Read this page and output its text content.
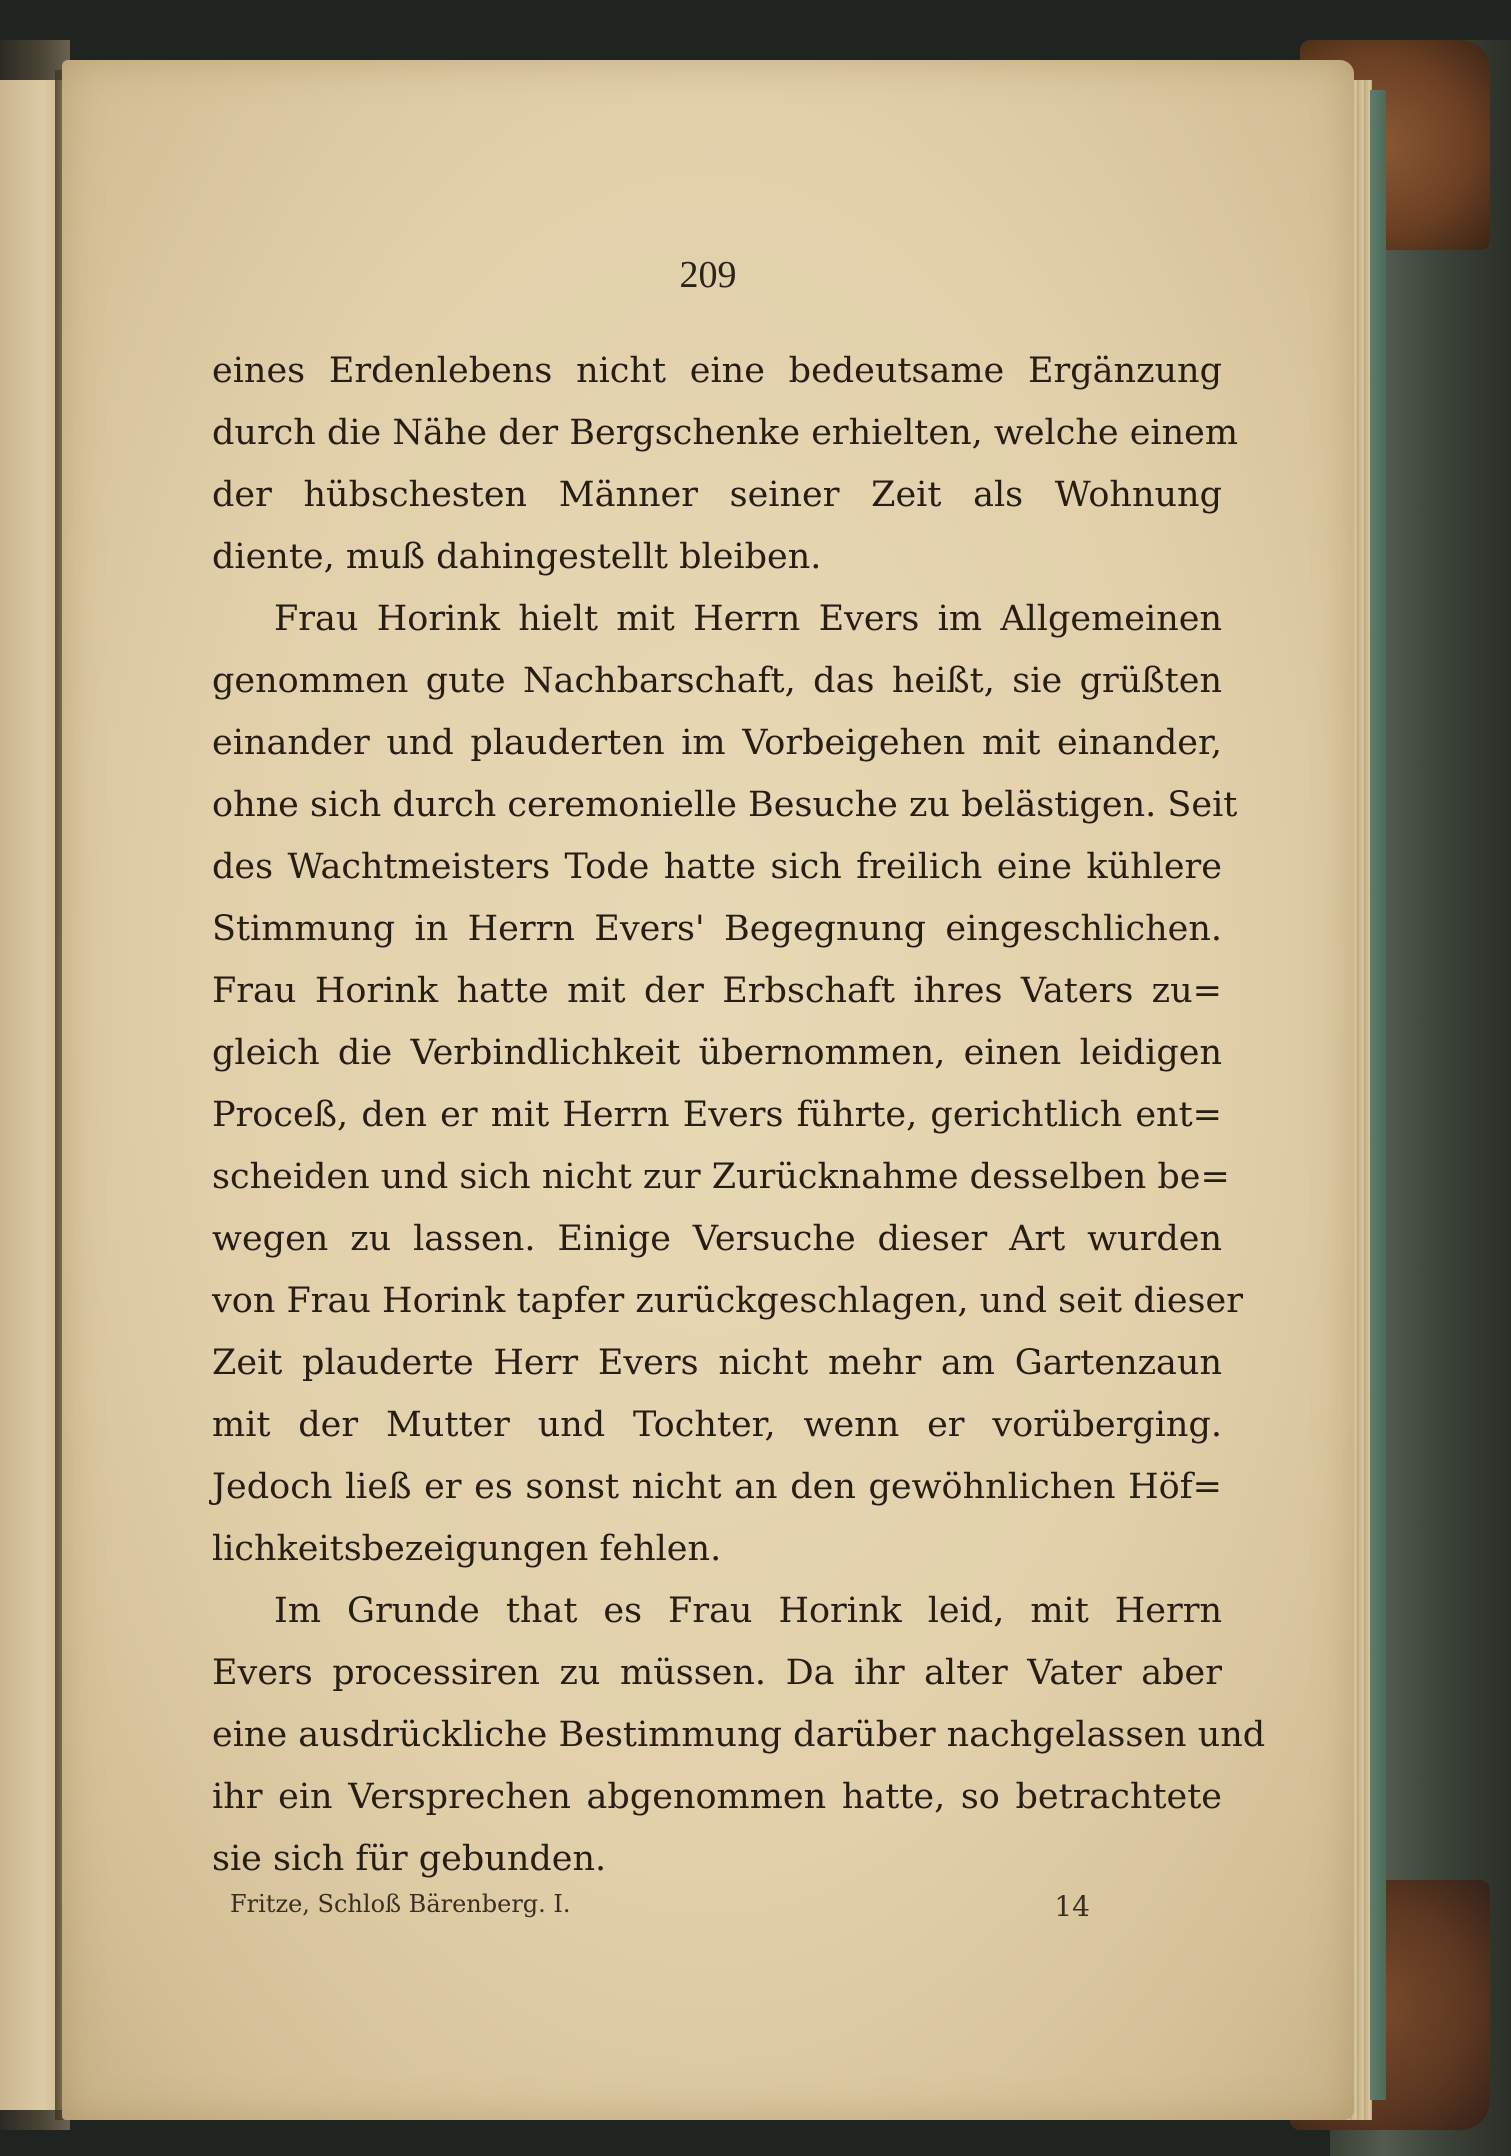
209

eines Erdenlebens nicht eine bedeutsame Ergänzung
durch die Nähe der Bergschenke erhielten, welche einem
der hübschesten Männer seiner Zeit als Wohnung
diente, muß dahingestellt bleiben.

Frau Horink hielt mit Herrn Evers im Allgemeinen
genommen gute Nachbarschaft, das heißt, sie grüßten
einander und plauderten im Vorbeigehen mit einander,
ohne sich durch ceremonielle Besuche zu belästigen. Seit
des Wachtmeisters Tode hatte sich freilich eine kühlere
Stimmung in Herrn Evers' Begegnung eingeschlichen.
Frau Horink hatte mit der Erbschaft ihres Vaters zu=
gleich die Verbindlichkeit übernommen, einen leidigen
Proceß, den er mit Herrn Evers führte, gerichtlich ent=
scheiden und sich nicht zur Zurücknahme desselben be=
wegen zu lassen. Einige Versuche dieser Art wurden
von Frau Horink tapfer zurückgeschlagen, und seit dieser
Zeit plauderte Herr Evers nicht mehr am Gartenzaun
mit der Mutter und Tochter, wenn er vorüberging.
Jedoch ließ er es sonst nicht an den gewöhnlichen Höf=
lichkeitsbezeigungen fehlen.

Im Grunde that es Frau Horink leid, mit Herrn
Evers processiren zu müssen. Da ihr alter Vater aber
eine ausdrückliche Bestimmung darüber nachgelassen und
ihr ein Versprechen abgenommen hatte, so betrachtete
sie sich für gebunden.

Fritze, Schloß Bärenberg. I.	14
